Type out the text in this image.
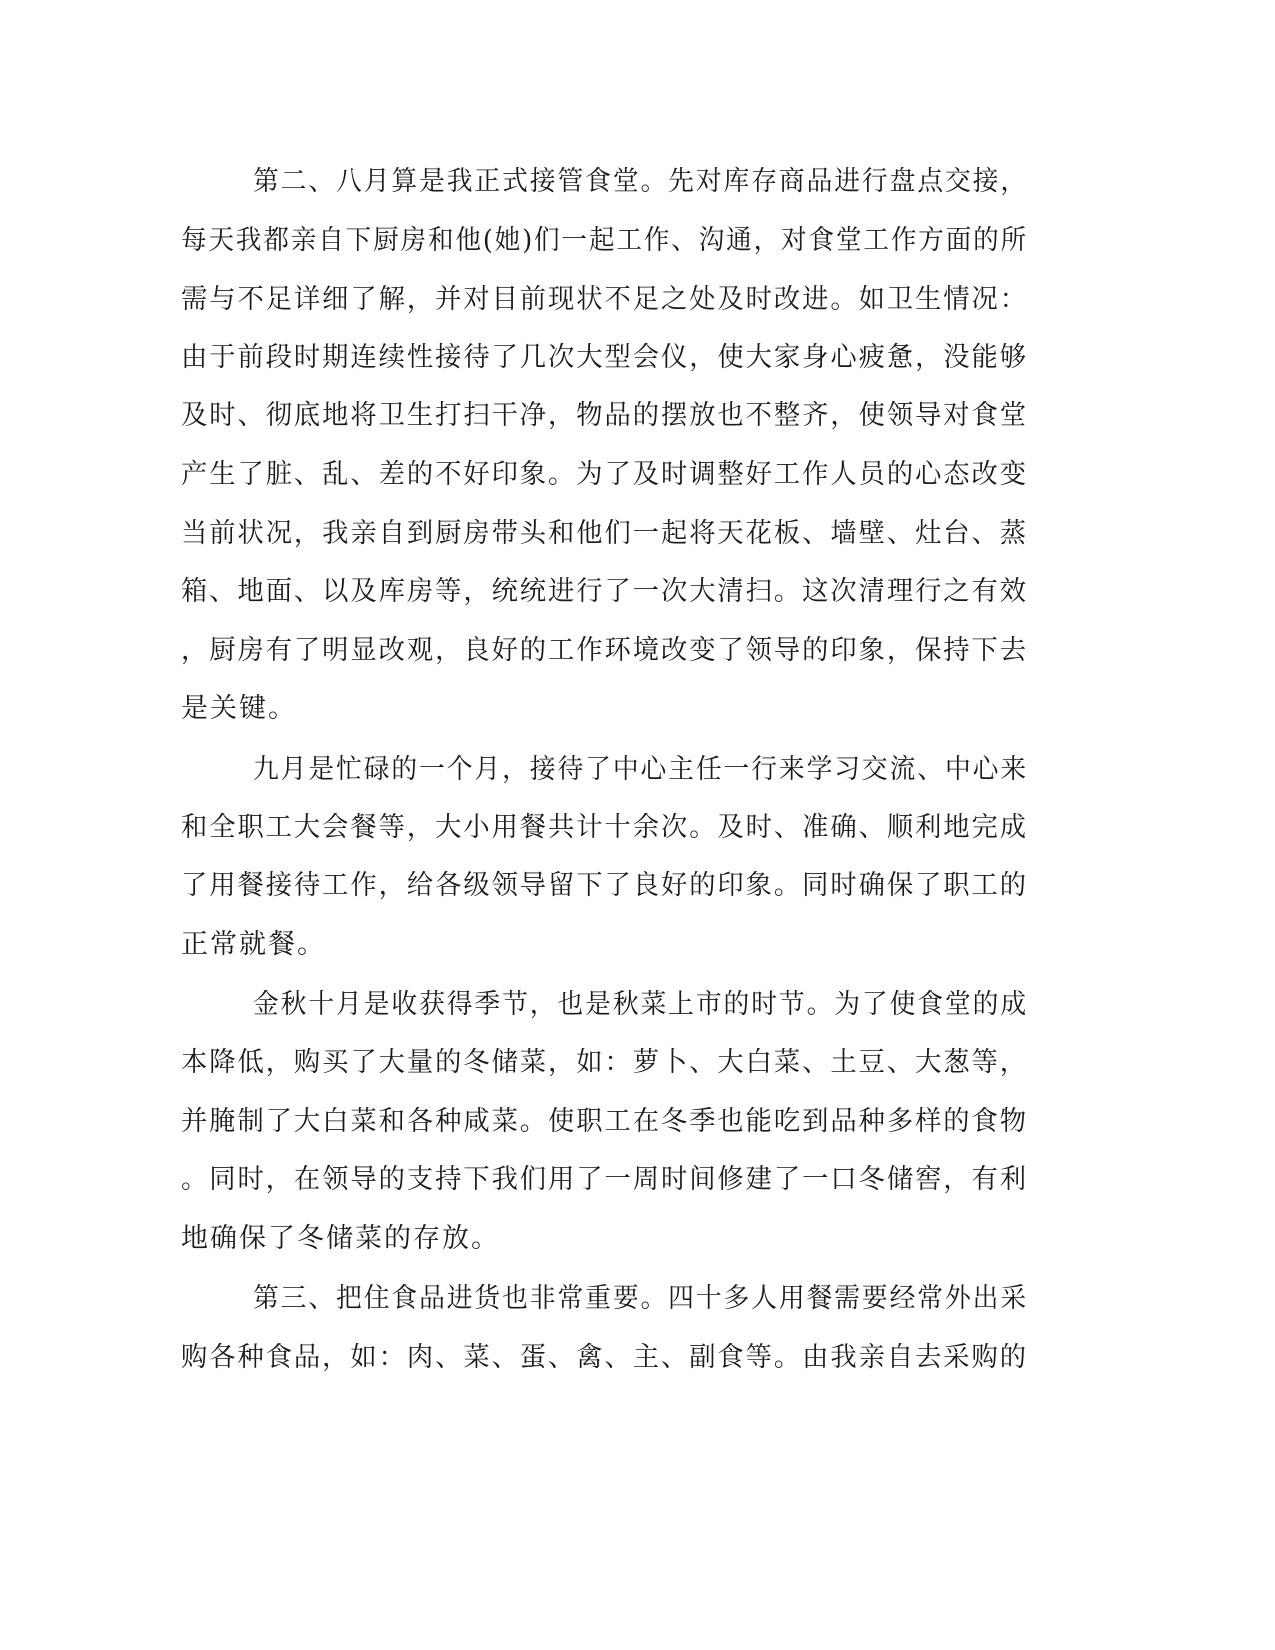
第二、八月算是我正式接管食堂。先对库存商品进行盘点交接，
每天我都亲自下厨房和他(她)们一起工作、沟通，对食堂工作方面的所
需与不足详细了解，并对目前现状不足之处及时改进。如卫生情况：
由于前段时期连续性接待了几次大型会仪，使大家身心疲惫，没能够
及时、彻底地将卫生打扫干净，物品的摆放也不整齐，使领导对食堂
产生了脏、乱、差的不好印象。为了及时调整好工作人员的心态改变
当前状况，我亲自到厨房带头和他们一起将天花板、墙壁、灶台、蒸
箱、地面、以及库房等，统统进行了一次大清扫。这次清理行之有效
，厨房有了明显改观，良好的工作环境改变了领导的印象，保持下去
是关键。
九月是忙碌的一个月，接待了中心主任一行来学习交流、中心来
和全职工大会餐等，大小用餐共计十余次。及时、准确、顺利地完成
了用餐接待工作，给各级领导留下了良好的印象。同时确保了职工的
正常就餐。
金秋十月是收获得季节，也是秋菜上市的时节。为了使食堂的成
本降低，购买了大量的冬储菜，如：萝卜、大白菜、土豆、大葱等，
并腌制了大白菜和各种咸菜。使职工在冬季也能吃到品种多样的食物
。同时，在领导的支持下我们用了一周时间修建了一口冬储窖，有利
地确保了冬储菜的存放。
第三、把住食品进货也非常重要。四十多人用餐需要经常外出采
购各种食品，如：肉、菜、蛋、禽、主、副食等。由我亲自去采购的
